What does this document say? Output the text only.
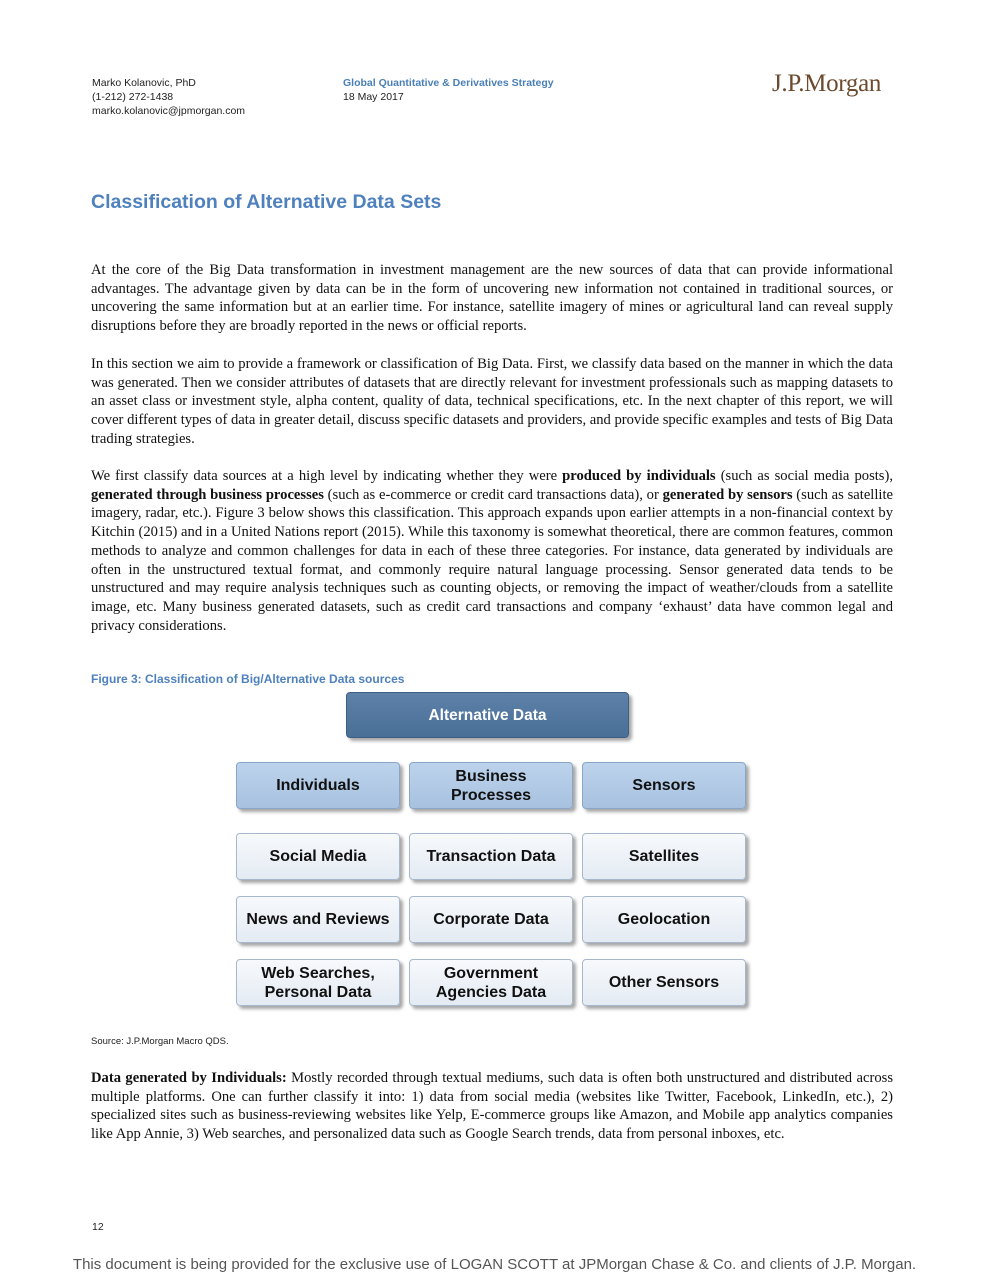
Marko Kolanovic, PhD
(1-212) 272-1438
marko.kolanovic@jpmorgan.com
Global Quantitative & Derivatives Strategy
18 May 2017	J.P.Morgan
Classification of Alternative Data Sets
At the core of the Big Data transformation in investment management are the new sources of data that can provide informational advantages. The advantage given by data can be in the form of uncovering new information not contained in traditional sources, or uncovering the same information but at an earlier time. For instance, satellite imagery of mines or agricultural land can reveal supply disruptions before they are broadly reported in the news or official reports.
In this section we aim to provide a framework or classification of Big Data. First, we classify data based on the manner in which the data was generated. Then we consider attributes of datasets that are directly relevant for investment professionals such as mapping datasets to an asset class or investment style, alpha content, quality of data, technical specifications, etc. In the next chapter of this report, we will cover different types of data in greater detail, discuss specific datasets and providers, and provide specific examples and tests of Big Data trading strategies.
We first classify data sources at a high level by indicating whether they were produced by individuals (such as social media posts), generated through business processes (such as e-commerce or credit card transactions data), or generated by sensors (such as satellite imagery, radar, etc.). Figure 3 below shows this classification. This approach expands upon earlier attempts in a non-financial context by Kitchin (2015) and in a United Nations report (2015). While this taxonomy is somewhat theoretical, there are common features, common methods to analyze and common challenges for data in each of these three categories. For instance, data generated by individuals are often in the unstructured textual format, and commonly require natural language processing. Sensor generated data tends to be unstructured and may require analysis techniques such as counting objects, or removing the impact of weather/clouds from a satellite image, etc. Many business generated datasets, such as credit card transactions and company ‘exhaust’ data have common legal and privacy considerations.
Figure 3: Classification of Big/Alternative Data sources
Alternative Data
Individuals
Business
Processes
Sensors
Social Media	Transaction Data	Satellites
News and Reviews	Corporate Data	Geolocation
Web Searches,
Personal Data
Government
Agencies Data
Other Sensors
Source: J.P.Morgan Macro QDS.
Data generated by Individuals: Mostly recorded through textual mediums, such data is often both unstructured and distributed across multiple platforms. One can further classify it into: 1) data from social media (websites like Twitter, Facebook, LinkedIn, etc.), 2) specialized sites such as business-reviewing websites like Yelp, E-commerce groups like Amazon, and Mobile app analytics companies like App Annie, 3) Web searches, and personalized data such as Google Search trends, data from personal inboxes, etc.
12
This document is being provided for the exclusive use of LOGAN SCOTT at JPMorgan Chase & Co. and clients of J.P. Morgan.
